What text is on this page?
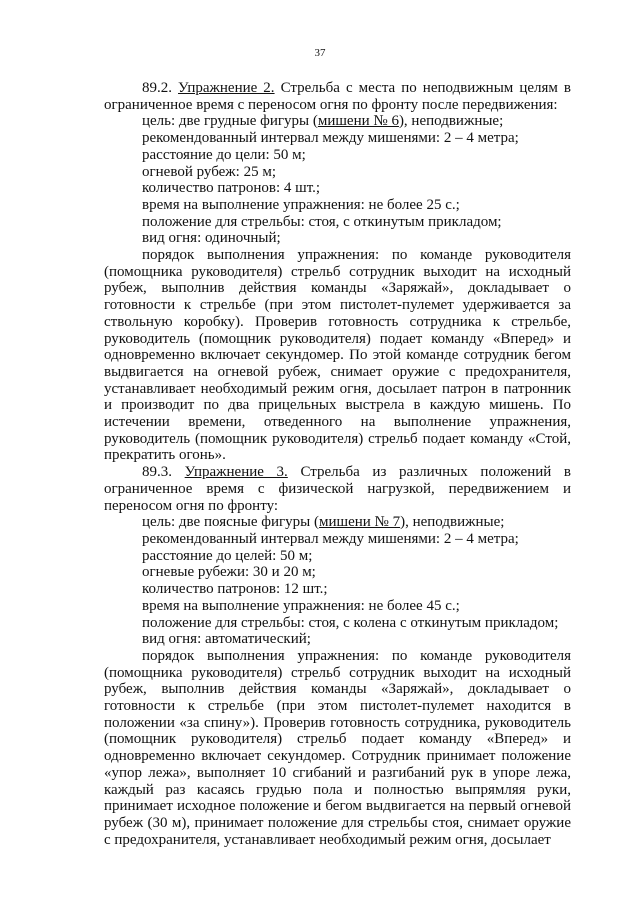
37

89.2. Упражнение 2. Стрельба с места по неподвижным целям в ограниченное время с переносом огня по фронту после передвижения:

цель: две грудные фигуры (мишени № 6), неподвижные;

рекомендованный интервал между мишенями: 2 – 4 метра;

расстояние до цели: 50 м;

огневой рубеж: 25 м;

количество патронов: 4 шт.;

время на выполнение упражнения: не более 25 с.;

положение для стрельбы: стоя, с откинутым прикладом;

вид огня: одиночный;

порядок выполнения упражнения: по команде руководителя (помощника руководителя) стрельб сотрудник выходит на исходный рубеж, выполнив действия команды «Заряжай», докладывает о готовности к стрельбе (при этом пистолет-пулемет удерживается за ствольную коробку). Проверив готовность сотрудника к стрельбе, руководитель (помощник руководителя) подает команду «Вперед» и одновременно включает секундомер. По этой команде сотрудник бегом выдвигается на огневой рубеж, снимает оружие с предохранителя, устанавливает необходимый режим огня, досылает патрон в патронник и производит по два прицельных выстрела в каждую мишень. По истечении времени, отведенного на выполнение упражнения, руководитель (помощник руководителя) стрельб подает команду «Стой, прекратить огонь».

89.3. Упражнение 3. Стрельба из различных положений в ограниченное время с физической нагрузкой, передвижением и переносом огня по фронту:

цель: две поясные фигуры (мишени № 7), неподвижные;

рекомендованный интервал между мишенями: 2 – 4 метра;

расстояние до целей: 50 м;

огневые рубежи: 30 и 20 м;

количество патронов: 12 шт.;

время на выполнение упражнения: не более 45 с.;

положение для стрельбы: стоя, с колена с откинутым прикладом;

вид огня: автоматический;

порядок выполнения упражнения: по команде руководителя (помощника руководителя) стрельб сотрудник выходит на исходный рубеж, выполнив действия команды «Заряжай», докладывает о готовности к стрельбе (при этом пистолет-пулемет находится в положении «за спину»). Проверив готовность сотрудника, руководитель (помощник руководителя) стрельб подает команду «Вперед» и одновременно включает секундомер. Сотрудник принимает положение «упор лежа», выполняет 10 сгибаний и разгибаний рук в упоре лежа, каждый раз касаясь грудью пола и полностью выпрямляя руки, принимает исходное положение и бегом выдвигается на первый огневой рубеж (30 м), принимает положение для стрельбы стоя, снимает оружие с предохранителя, устанавливает необходимый режим огня, досылает
